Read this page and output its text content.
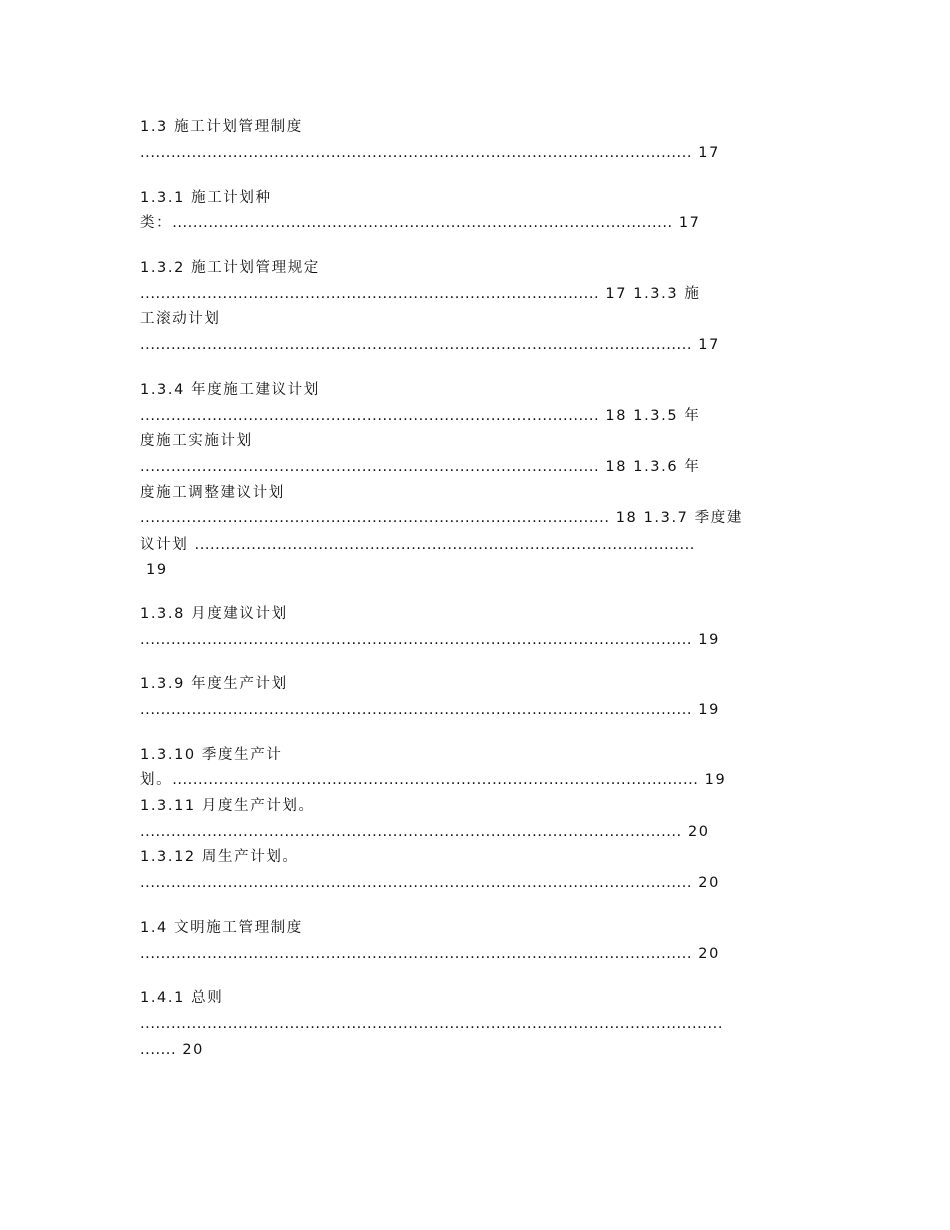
1.3 施工计划管理制度
........................................................................................................... 17
1.3.1 施工计划种
类：................................................................................................. 17
1.3.2 施工计划管理规定
......................................................................................... 17 1.3.3 施
工滚动计划
........................................................................................................... 17
1.3.4 年度施工建议计划
......................................................................................... 18 1.3.5 年
度施工实施计划
......................................................................................... 18 1.3.6 年
度施工调整建议计划
........................................................................................... 18 1.3.7 季度建
议计划 .................................................................................................
19
1.3.8 月度建议计划
........................................................................................................... 19
1.3.9 年度生产计划
........................................................................................................... 19
1.3.10 季度生产计
划。...................................................................................................... 19
1.3.11 月度生产计划。
......................................................................................................... 20
1.3.12 周生产计划。
........................................................................................................... 20
1.4 文明施工管理制度
........................................................................................................... 20
1.4.1 总则
.................................................................................................................
....... 20
